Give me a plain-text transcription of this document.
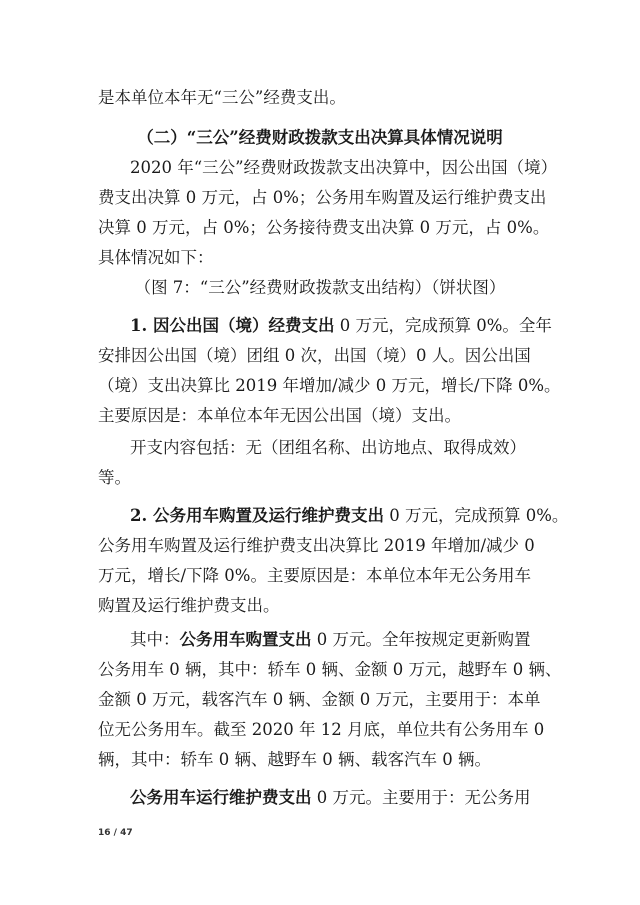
是本单位本年无“三公”经费支出。
（二）“三公”经费财政拨款支出决算具体情况说明
2020 年“三公”经费财政拨款支出决算中，因公出国（境）
费支出决算 0 万元，占 0%；公务用车购置及运行维护费支出
决算 0 万元，占 0%；公务接待费支出决算 0 万元，占 0%。
具体情况如下：
（图 7：“三公”经费财政拨款支出结构）（饼状图）
1. 因公出国（境）经费支出 0 万元，完成预算 0%。全年
安排因公出国（境）团组 0 次，出国（境）0 人。因公出国
（境）支出决算比 2019 年增加/减少 0 万元，增长/下降 0%。
主要原因是：本单位本年无因公出国（境）支出。
开支内容包括：无（团组名称、出访地点、取得成效）
等。
2. 公务用车购置及运行维护费支出 0 万元，完成预算 0%。
公务用车购置及运行维护费支出决算比 2019 年增加/减少 0
万元，增长/下降 0%。主要原因是：本单位本年无公务用车
购置及运行维护费支出。
其中：公务用车购置支出 0 万元。全年按规定更新购置
公务用车 0 辆，其中：轿车 0 辆、金额 0 万元，越野车 0 辆、
金额 0 万元，载客汽车 0 辆、金额 0 万元，主要用于：本单
位无公务用车。截至 2020 年 12 月底，单位共有公务用车 0
辆，其中：轿车 0 辆、越野车 0 辆、载客汽车 0 辆。
公务用车运行维护费支出 0 万元。主要用于：无公务用
16 / 47
